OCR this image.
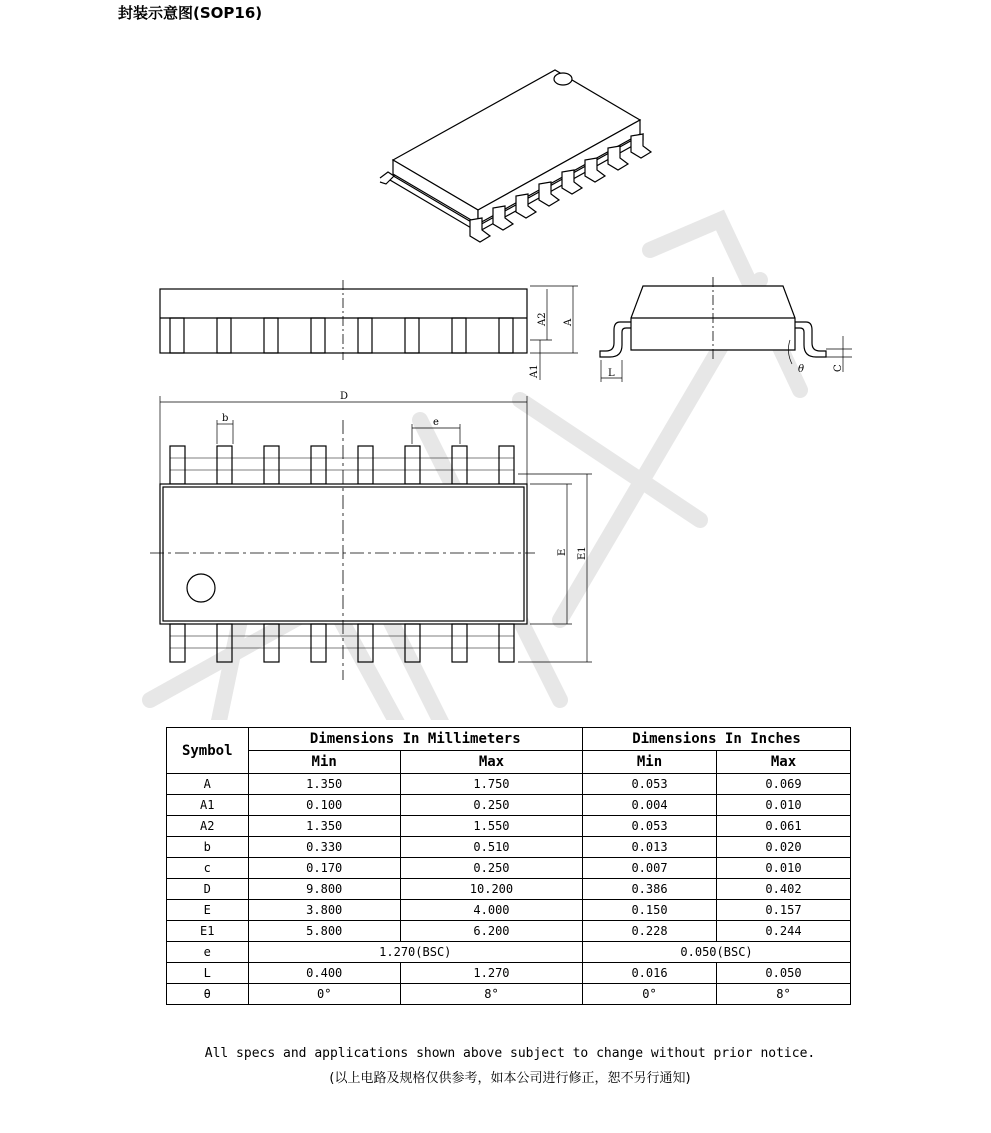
封装示意图(SOP16)
A2 A
A1	L	θ	C
D
b	e
E E1
Symbol	Dimensions In Millimeters		Dimensions In Inches	
	Min	Max	Min	Max
A	1.350	1.750	0.053	0.069
A1	0.100	0.250	0.004	0.010
A2	1.350	1.550	0.053	0.061
b	0.330	0.510	0.013	0.020
c	0.170	0.250	0.007	0.010
D	9.800	10.200	0.386	0.402
E	3.800	4.000	0.150	0.157
E1	5.800	6.200	0.228	0.244
e	1.270(BSC)		0.050(BSC)	
L	0.400	1.270	0.016	0.050
θ	0°	8°	0°	8°
All specs and applications shown above subject to change without prior notice.
(以上电路及规格仅供参考，如本公司进行修正，恕不另行通知)
